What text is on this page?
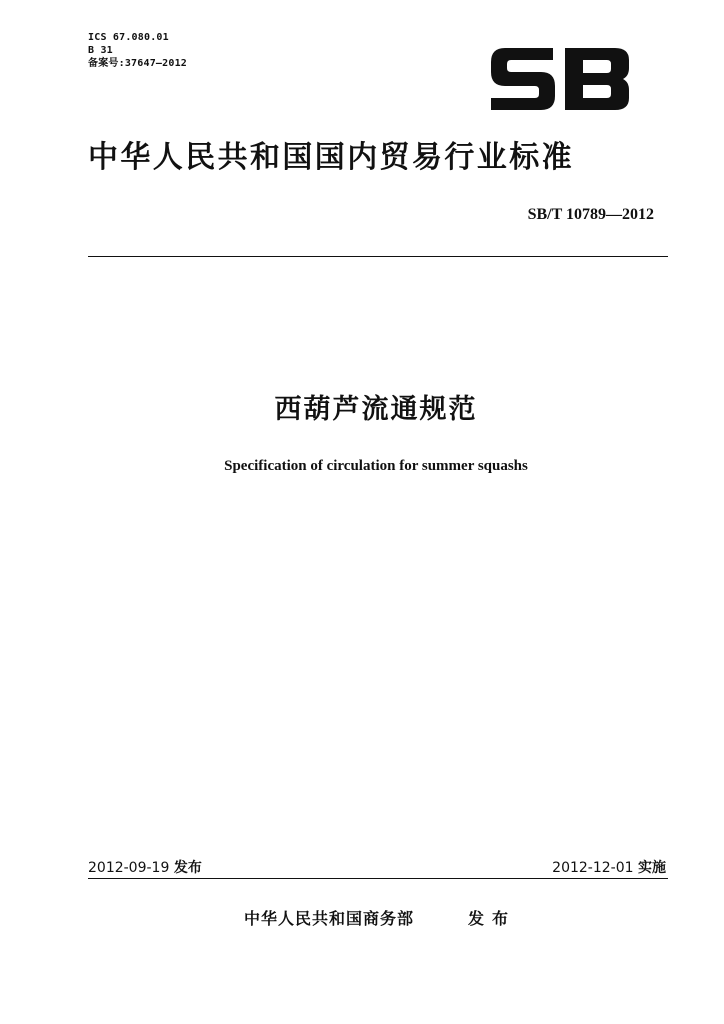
ICS 67.080.01
B 31
备案号:37647—2012
中华人民共和国国内贸易行业标准
SB/T 10789—2012
西葫芦流通规范
Specification of circulation for summer squashs
2012-09-19 发布	2012-12-01 实施
中华人民共和国商务部	发布
